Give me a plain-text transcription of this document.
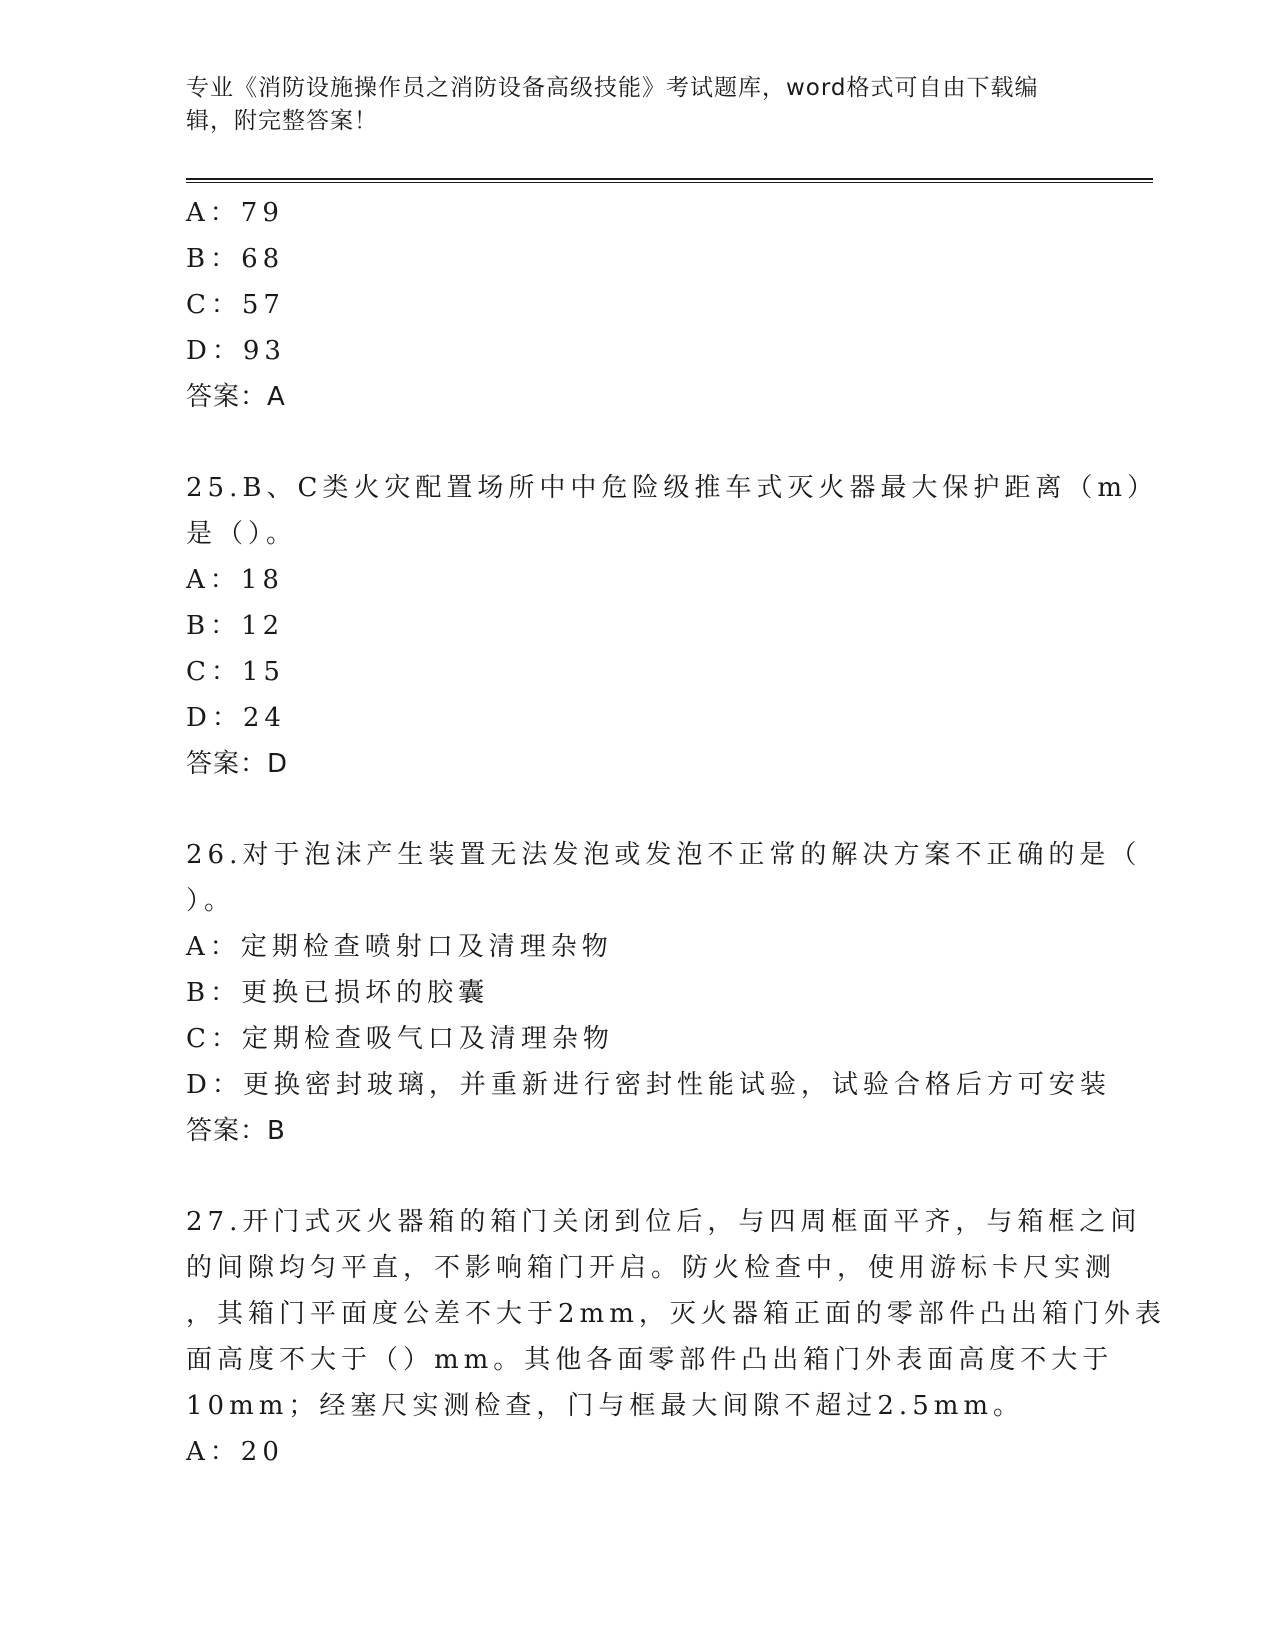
专业《消防设施操作员之消防设备高级技能》考试题库，word格式可自由下载编
辑，附完整答案！
A：79
B：68
C：57
D：93
答案：A
25.B、C类火灾配置场所中中危险级推车式灭火器最大保护距离（m）
是（）。
A：18
B：12
C：15
D：24
答案：D
26.对于泡沫产生装置无法发泡或发泡不正常的解决方案不正确的是（
）。
A：定期检查喷射口及清理杂物
B：更换已损坏的胶囊
C：定期检查吸气口及清理杂物
D：更换密封玻璃，并重新进行密封性能试验，试验合格后方可安装
答案：B
27.开门式灭火器箱的箱门关闭到位后，与四周框面平齐，与箱框之间
的间隙均匀平直，不影响箱门开启。防火检查中，使用游标卡尺实测
，其箱门平面度公差不大于2mm，灭火器箱正面的零部件凸出箱门外表
面高度不大于（）mm。其他各面零部件凸出箱门外表面高度不大于
10mm；经塞尺实测检查，门与框最大间隙不超过2.5mm。
A：20
